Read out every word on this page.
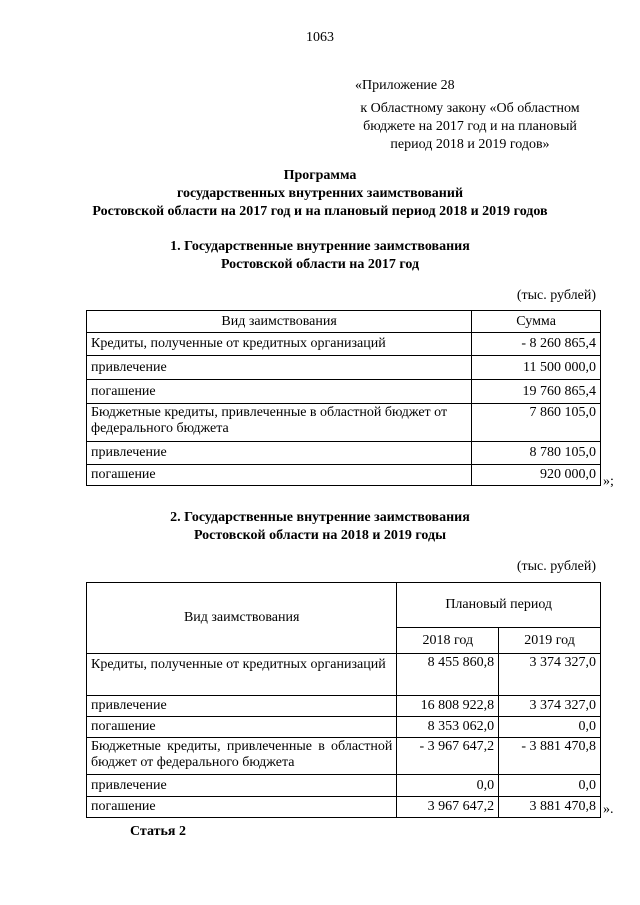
1063
«Приложение 28
к Областному закону «Об областном
бюджете на 2017 год и на плановый
период 2018 и 2019 годов»
Программа
государственных внутренних заимствований
Ростовской области на 2017 год и на плановый период 2018 и 2019 годов
1. Государственные внутренние заимствования
Ростовской области на 2017 год
(тыс. рублей)
Вид заимствования	Сумма
Кредиты, полученные от кредитных организаций	- 8 260 865,4
привлечение	11 500 000,0
погашение	19 760 865,4
Бюджетные кредиты, привлеченные в областной бюджет от федерального бюджета	7 860 105,0
привлечение	8 780 105,0
погашение	920 000,0 »;
2. Государственные внутренние заимствования
Ростовской области на 2018 и 2019 годы
(тыс. рублей)
Вид заимствования	Плановый период	
	2018 год	2019 год
Кредиты, полученные от кредитных организаций	8 455 860,8	3 374 327,0
привлечение	16 808 922,8	3 374 327,0
погашение	8 353 062,0	0,0
Бюджетные кредиты, привлеченные в областной бюджет от федерального бюджета	- 3 967 647,2	- 3 881 470,8
привлечение	0,0	0,0
погашение	3 967 647,2	3 881 470,8 ».
Статья 2
